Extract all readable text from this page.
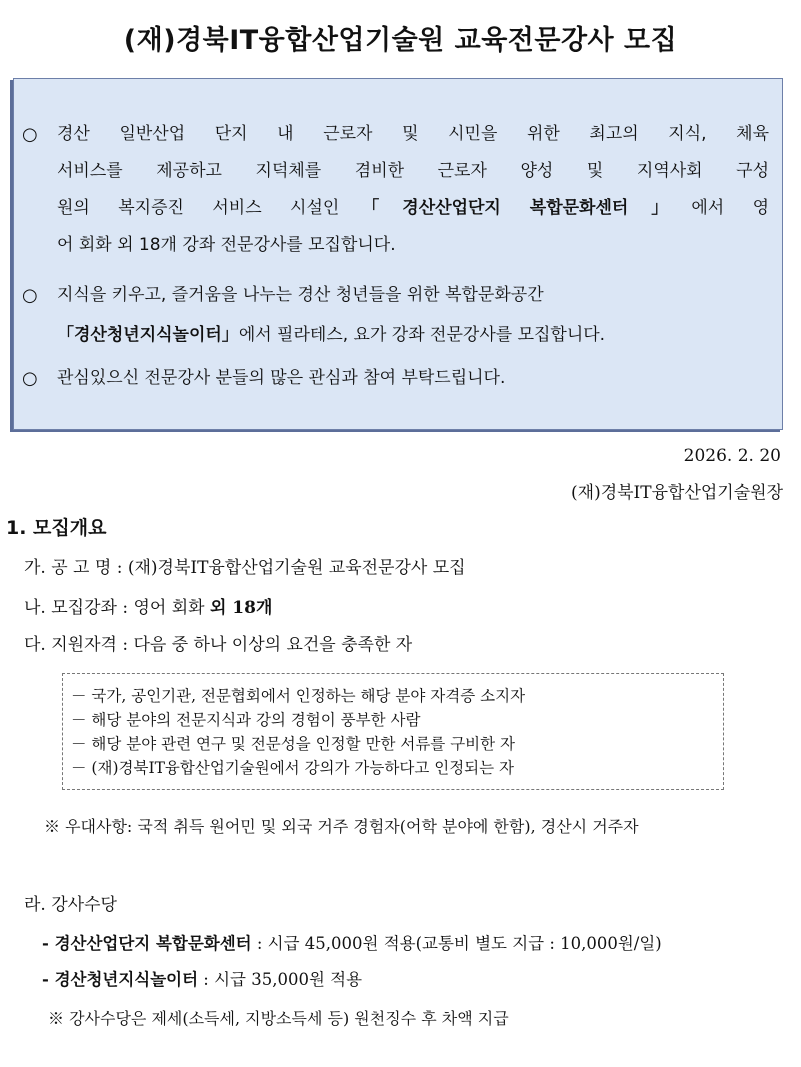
(재)경북IT융합산업기술원 교육전문강사 모집
○ 경산 일반산업 단지 내 근로자 및 시민을 위한 최고의 지식, 체육
서비스를 제공하고 지덕체를 겸비한 근로자 양성 및 지역사회 구성
원의 복지증진 서비스 시설인「경산산업단지 복합문화센터」에서 영
어 회화 외 18개 강좌 전문강사를 모집합니다.
○ 지식을 키우고, 즐거움을 나누는 경산 청년들을 위한 복합문화공간
「경산청년지식놀이터」에서 필라테스, 요가 강좌 전문강사를 모집합니다.
○ 관심있으신 전문강사 분들의 많은 관심과 참여 부탁드립니다.
2026. 2. 20
(재)경북IT융합산업기술원장
1. 모집개요
가. 공 고 명 : (재)경북IT융합산업기술원 교육전문강사 모집
나. 모집강좌 : 영어 회화 외 18개
다. 지원자격 : 다음 중 하나 이상의 요건을 충족한 자
－ 국가, 공인기관, 전문협회에서 인정하는 해당 분야 자격증 소지자
－ 해당 분야의 전문지식과 강의 경험이 풍부한 사람
－ 해당 분야 관련 연구 및 전문성을 인정할 만한 서류를 구비한 자
－ (재)경북IT융합산업기술원에서 강의가 가능하다고 인정되는 자
※ 우대사항: 국적 취득 원어민 및 외국 거주 경험자(어학 분야에 한함), 경산시 거주자
라. 강사수당
- 경산산업단지 복합문화센터 : 시급 45,000원 적용(교통비 별도 지급 : 10,000원/일)
- 경산청년지식놀이터 : 시급 35,000원 적용
※ 강사수당은 제세(소득세, 지방소득세 등) 원천징수 후 차액 지급
